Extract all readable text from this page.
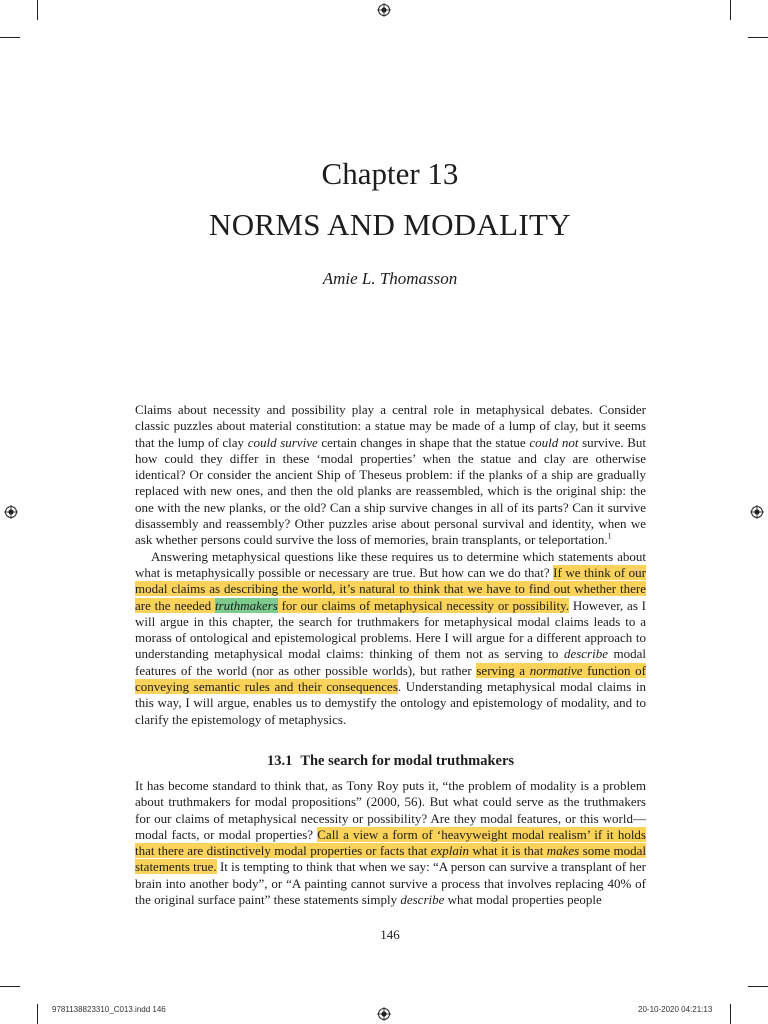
Chapter 13
NORMS AND MODALITY
Amie L. Thomasson

Claims about necessity and possibility play a central role in metaphysical debates. Consider classic puzzles about material constitution: a statue may be made of a lump of clay, but it seems that the lump of clay could survive certain changes in shape that the statue could not survive. But how could they differ in these ‘modal properties’ when the statue and clay are otherwise identical? Or consider the ancient Ship of Theseus problem: if the planks of a ship are gradually replaced with new ones, and then the old planks are reassembled, which is the original ship: the one with the new planks, or the old? Can a ship survive changes in all of its parts? Can it survive disassembly and reassembly? Other puzzles arise about personal survival and identity, when we ask whether persons could survive the loss of memories, brain transplants, or teleportation.$^1$

Answering metaphysical questions like these requires us to determine which statements about what is metaphysically possible or necessary are true. But how can we do that? If we think of our modal claims as describing the world, it’s natural to think that we have to find out whether there are the needed truthmakers for our claims of metaphysical necessity or possibility. However, as I will argue in this chapter, the search for truthmakers for metaphysical modal claims leads to a morass of ontological and epistemological problems. Here I will argue for a different approach to understanding metaphysical modal claims: thinking of them not as serving to describe modal features of the world (nor as other possible worlds), but rather serving a normative function of conveying semantic rules and their consequences. Understanding metaphysical modal claims in this way, I will argue, enables us to demystify the ontology and epistemology of modality, and to clarify the epistemology of metaphysics.

13.1 The search for modal truthmakers

It has become standard to think that, as Tony Roy puts it, “the problem of modality is a problem about truthmakers for modal propositions” (2000, 56). But what could serve as the truthmakers for our claims of metaphysical necessity or possibility? Are they modal features, or this world—modal facts, or modal properties? Call a view a form of ‘heavyweight modal realism’ if it holds that there are distinctively modal properties or facts that explain what it is that makes some modal statements true. It is tempting to think that when we say: “A person can survive a transplant of her brain into another body”, or “A painting cannot survive a process that involves replacing 40% of the original surface paint” these statements simply describe what modal properties people

146
9781138823310_C013.indd 146	20-10-2020 04:21:13
